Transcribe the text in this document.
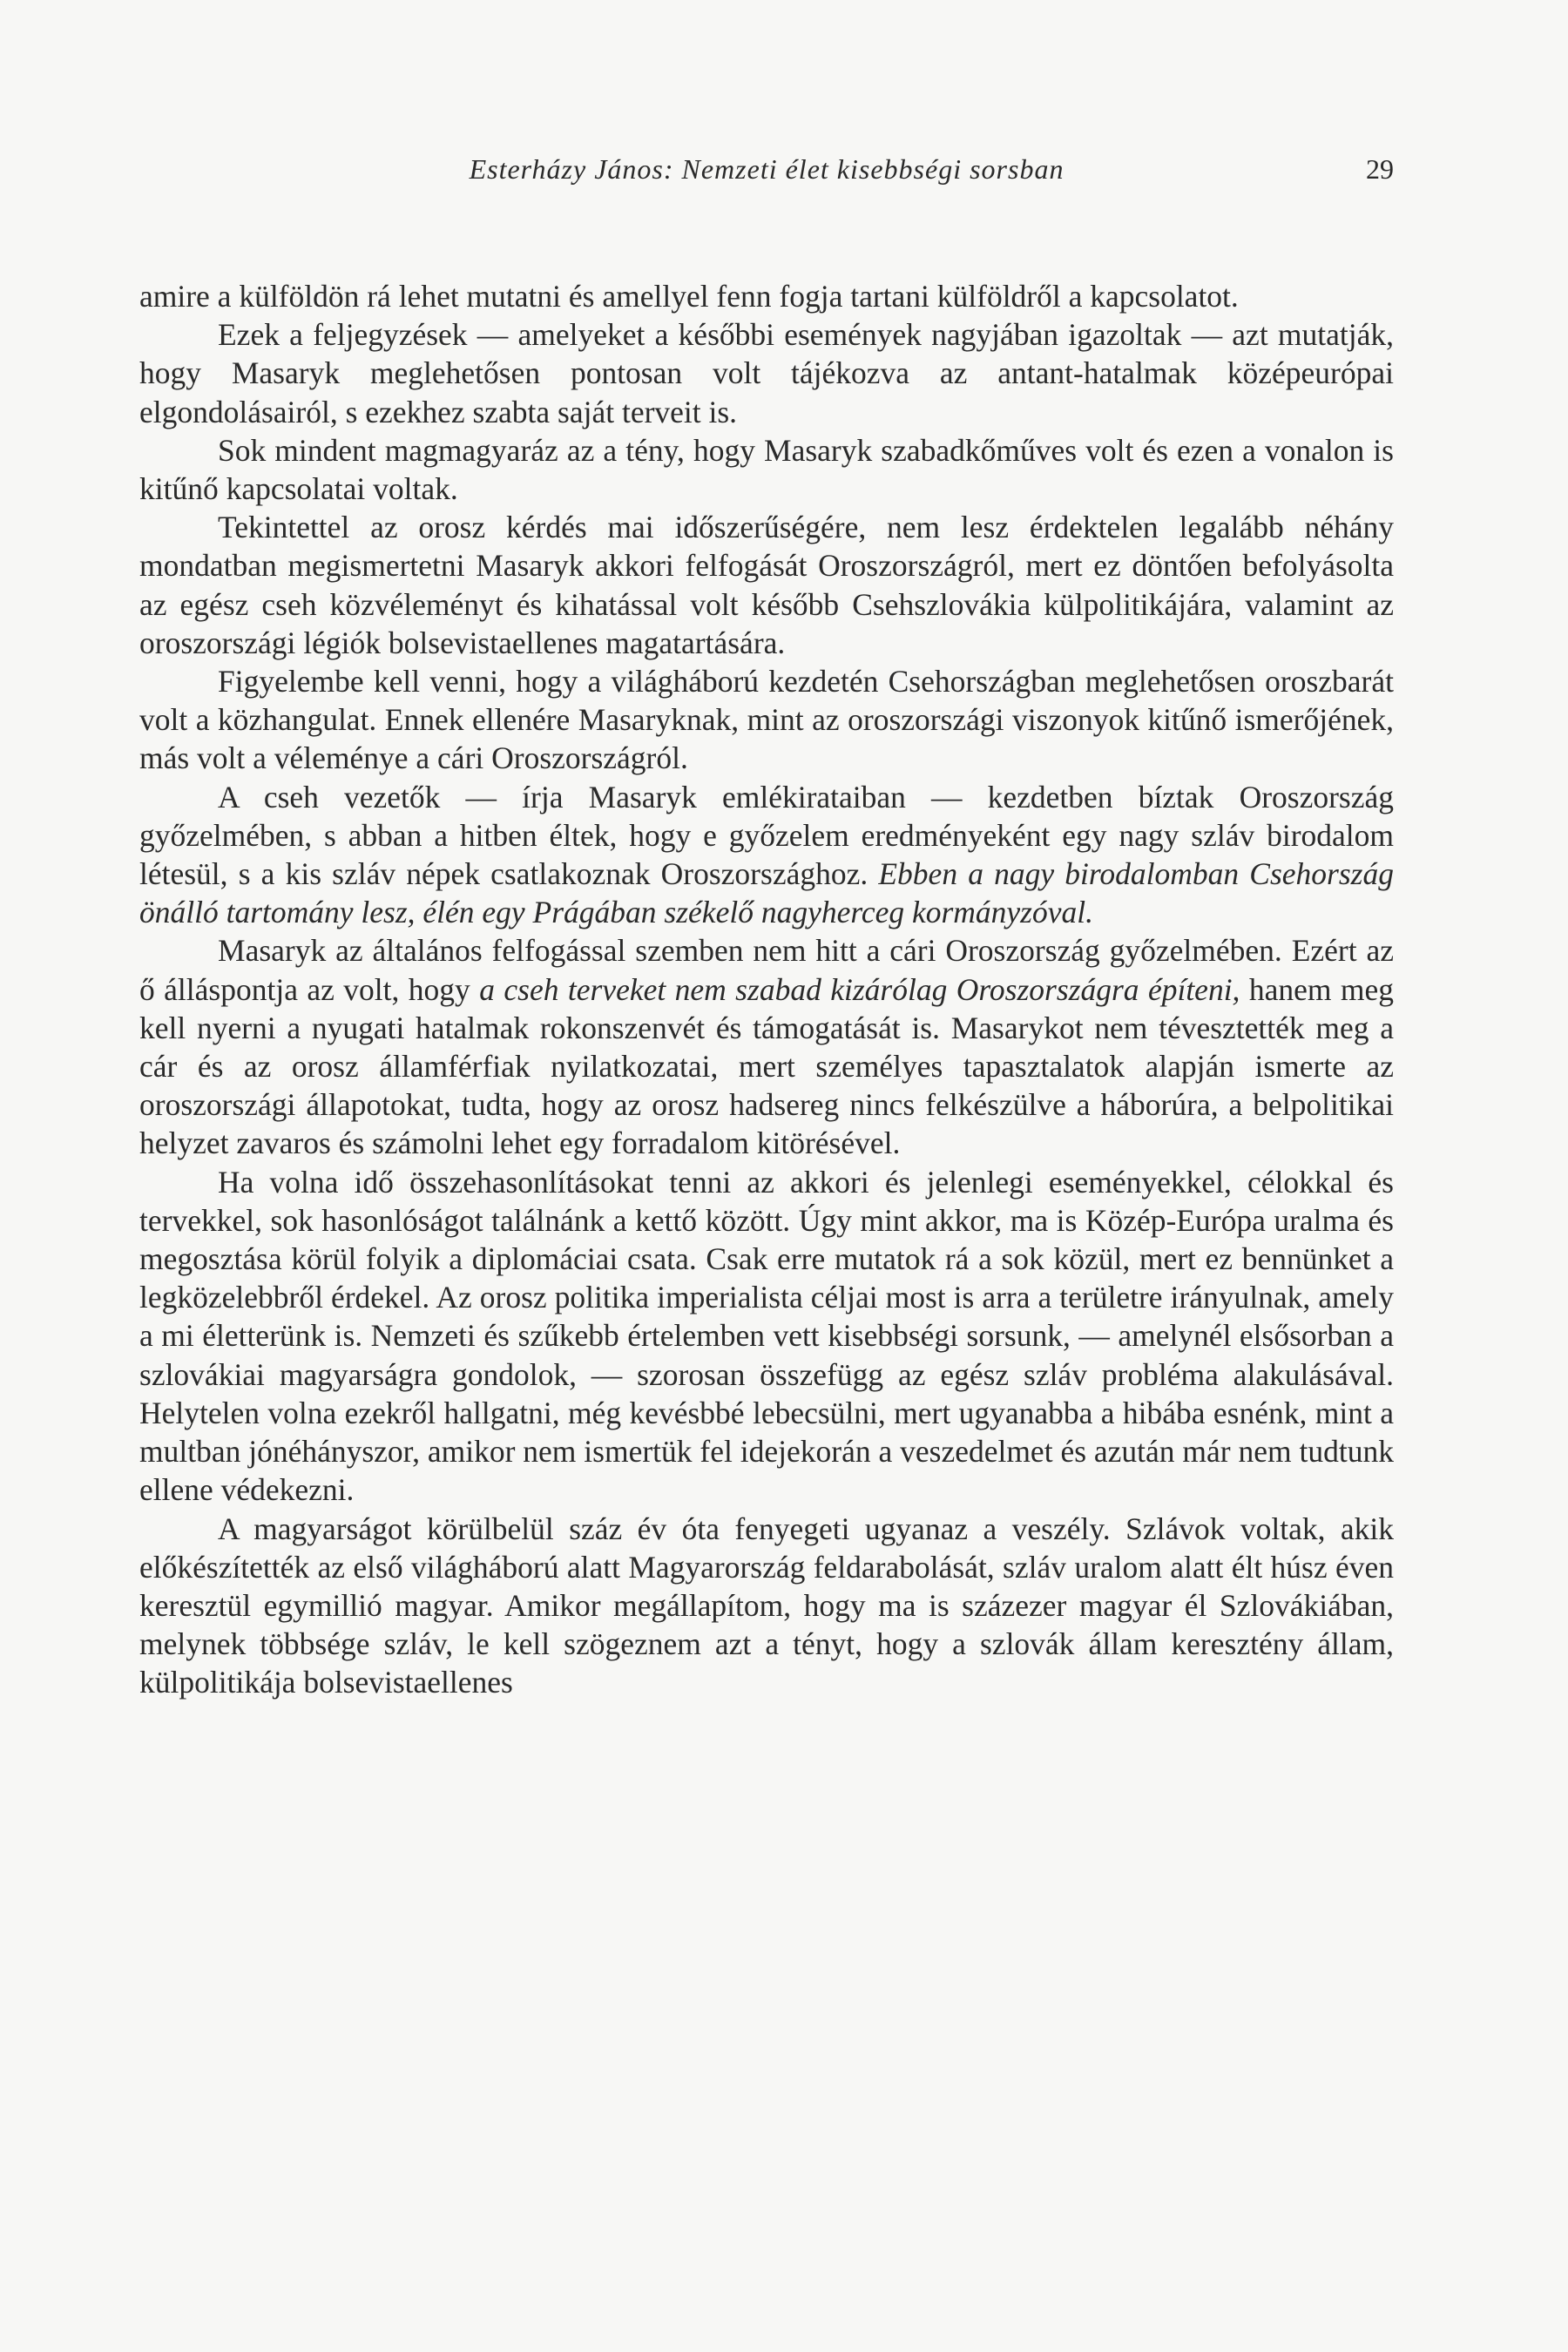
Esterházy János: Nemzeti élet kisebbségi sorsban	29

amire a külföldön rá lehet mutatni és amellyel fenn fogja tartani külföldről a kapcsolatot.

Ezek a feljegyzések — amelyeket a későbbi események nagyjában igazoltak — azt mutatják, hogy Masaryk meglehetősen pontosan volt tájékozva az antant-hatalmak középeurópai elgondolásairól, s ezekhez szabta saját terveit is.

Sok mindent magmagyaráz az a tény, hogy Masaryk szabadkőműves volt és ezen a vonalon is kitűnő kapcsolatai voltak.

Tekintettel az orosz kérdés mai időszerűségére, nem lesz érdektelen legalább néhány mondatban megismertetni Masaryk akkori felfogását Oroszországról, mert ez döntően befolyásolta az egész cseh közvéleményt és kihatással volt később Csehszlovákia külpolitikájára, valamint az oroszországi légiók bolsevistaellenes magatartására.

Figyelembe kell venni, hogy a világháború kezdetén Csehországban meglehetősen oroszbarát volt a közhangulat. Ennek ellenére Masaryknak, mint az oroszországi viszonyok kitűnő ismerőjének, más volt a véleménye a cári Oroszországról.

A cseh vezetők — írja Masaryk emlékirataiban — kezdetben bíztak Oroszország győzelmében, s abban a hitben éltek, hogy e győzelem eredményeként egy nagy szláv birodalom létesül, s a kis szláv népek csatlakoznak Oroszországhoz. Ebben a nagy birodalomban Csehország önálló tartomány lesz, élén egy Prágában székelő nagyherceg kormányzóval.

Masaryk az általános felfogással szemben nem hitt a cári Oroszország győzelmében. Ezért az ő álláspontja az volt, hogy a cseh terveket nem szabad kizárólag Oroszországra építeni, hanem meg kell nyerni a nyugati hatalmak rokonszenvét és támogatását is. Masarykot nem tévesztették meg a cár és az orosz államférfiak nyilatkozatai, mert személyes tapasztalatok alapján ismerte az oroszországi állapotokat, tudta, hogy az orosz hadsereg nincs felkészülve a háborúra, a belpolitikai helyzet zavaros és számolni lehet egy forradalom kitörésével.

Ha volna idő összehasonlításokat tenni az akkori és jelenlegi eseményekkel, célokkal és tervekkel, sok hasonlóságot találnánk a kettő között. Úgy mint akkor, ma is Közép-Európa uralma és megosztása körül folyik a diplomáciai csata. Csak erre mutatok rá a sok közül, mert ez bennünket a legközelebbről érdekel. Az orosz politika imperialista céljai most is arra a területre irányulnak, amely a mi életterünk is. Nemzeti és szűkebb értelemben vett kisebbségi sorsunk, — amelynél elsősorban a szlovákiai magyarságra gondolok, — szorosan összefügg az egész szláv probléma alakulásával. Helytelen volna ezekről hallgatni, még kevésbbé lebecsülni, mert ugyanabba a hibába esnénk, mint a multban jónéhányszor, amikor nem ismertük fel idejekorán a veszedelmet és azután már nem tudtunk ellene védekezni.

A magyarságot körülbelül száz év óta fenyegeti ugyanaz a veszély. Szlávok voltak, akik előkészítették az első világháború alatt Magyarország feldarabolását, szláv uralom alatt élt húsz éven keresztül egymillió magyar. Amikor megállapítom, hogy ma is százezer magyar él Szlovákiában, melynek többsége szláv, le kell szögeznem azt a tényt, hogy a szlovák állam keresztény állam, külpolitikája bolsevistaellenes
